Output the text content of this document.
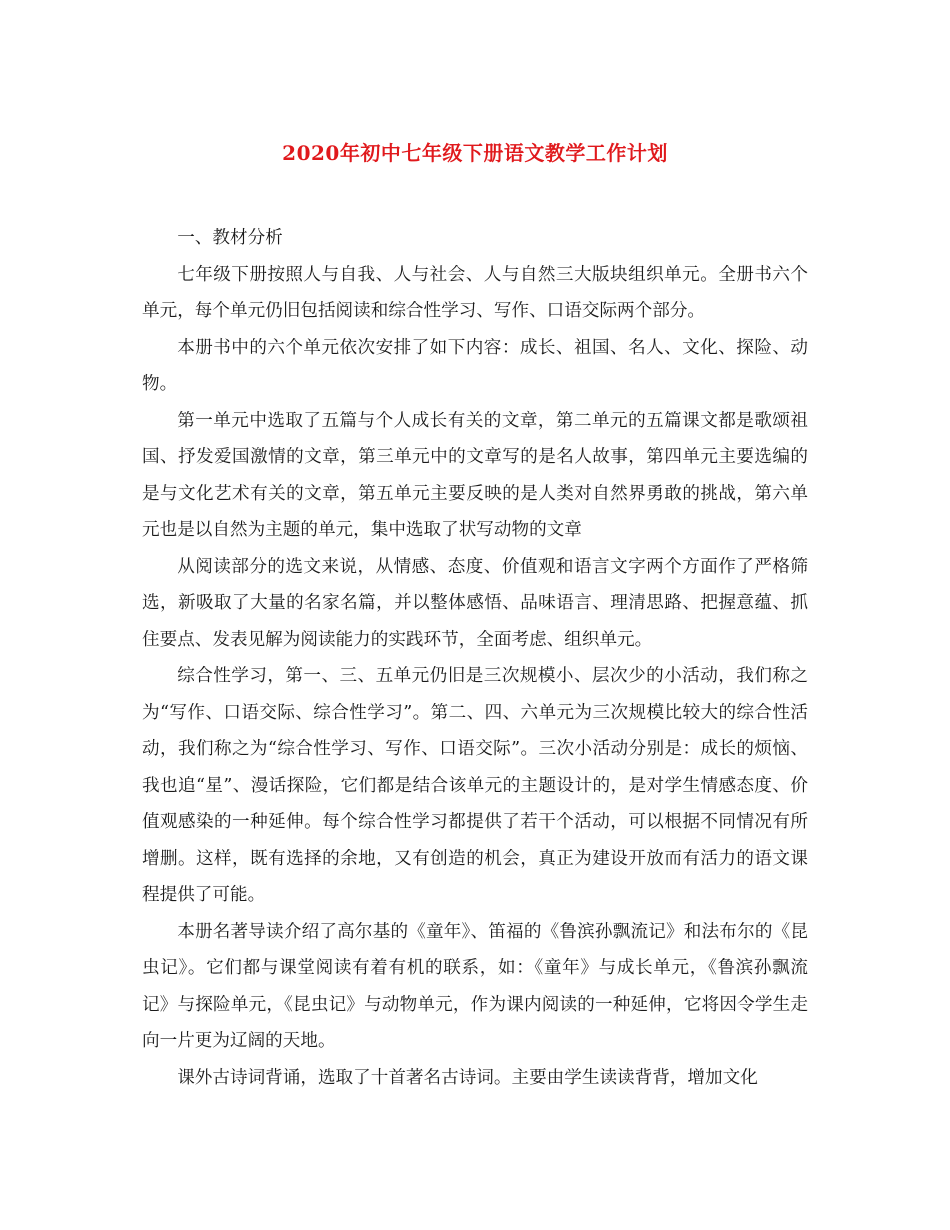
2020年初中七年级下册语文教学工作计划

一、教材分析

七年级下册按照人与自我、人与社会、人与自然三大版块组织单元。全册书六个单元，每个单元仍旧包括阅读和综合性学习、写作、口语交际两个部分。

本册书中的六个单元依次安排了如下内容：成长、祖国、名人、文化、探险、动物。

第一单元中选取了五篇与个人成长有关的文章，第二单元的五篇课文都是歌颂祖国、抒发爱国激情的文章，第三单元中的文章写的是名人故事，第四单元主要选编的是与文化艺术有关的文章，第五单元主要反映的是人类对自然界勇敢的挑战，第六单元也是以自然为主题的单元，集中选取了状写动物的文章

从阅读部分的选文来说，从情感、态度、价值观和语言文字两个方面作了严格筛选，新吸取了大量的名家名篇，并以整体感悟、品味语言、理清思路、把握意蕴、抓住要点、发表见解为阅读能力的实践环节，全面考虑、组织单元。

综合性学习，第一、三、五单元仍旧是三次规模小、层次少的小活动，我们称之为“写作、口语交际、综合性学习”。第二、四、六单元为三次规模比较大的综合性活动，我们称之为“综合性学习、写作、口语交际”。三次小活动分别是：成长的烦恼、我也追“星”、漫话探险，它们都是结合该单元的主题设计的，是对学生情感态度、价值观感染的一种延伸。每个综合性学习都提供了若干个活动，可以根据不同情况有所增删。这样，既有选择的余地，又有创造的机会，真正为建设开放而有活力的语文课程提供了可能。

本册名著导读介绍了高尔基的《童年》、笛福的《鲁滨孙飘流记》和法布尔的《昆虫记》。它们都与课堂阅读有着有机的联系，如：《童年》与成长单元，《鲁滨孙飘流记》与探险单元，《昆虫记》与动物单元，作为课内阅读的一种延伸，它将因令学生走向一片更为辽阔的天地。

课外古诗词背诵，选取了十首著名古诗词。主要由学生读读背背，增加文化
